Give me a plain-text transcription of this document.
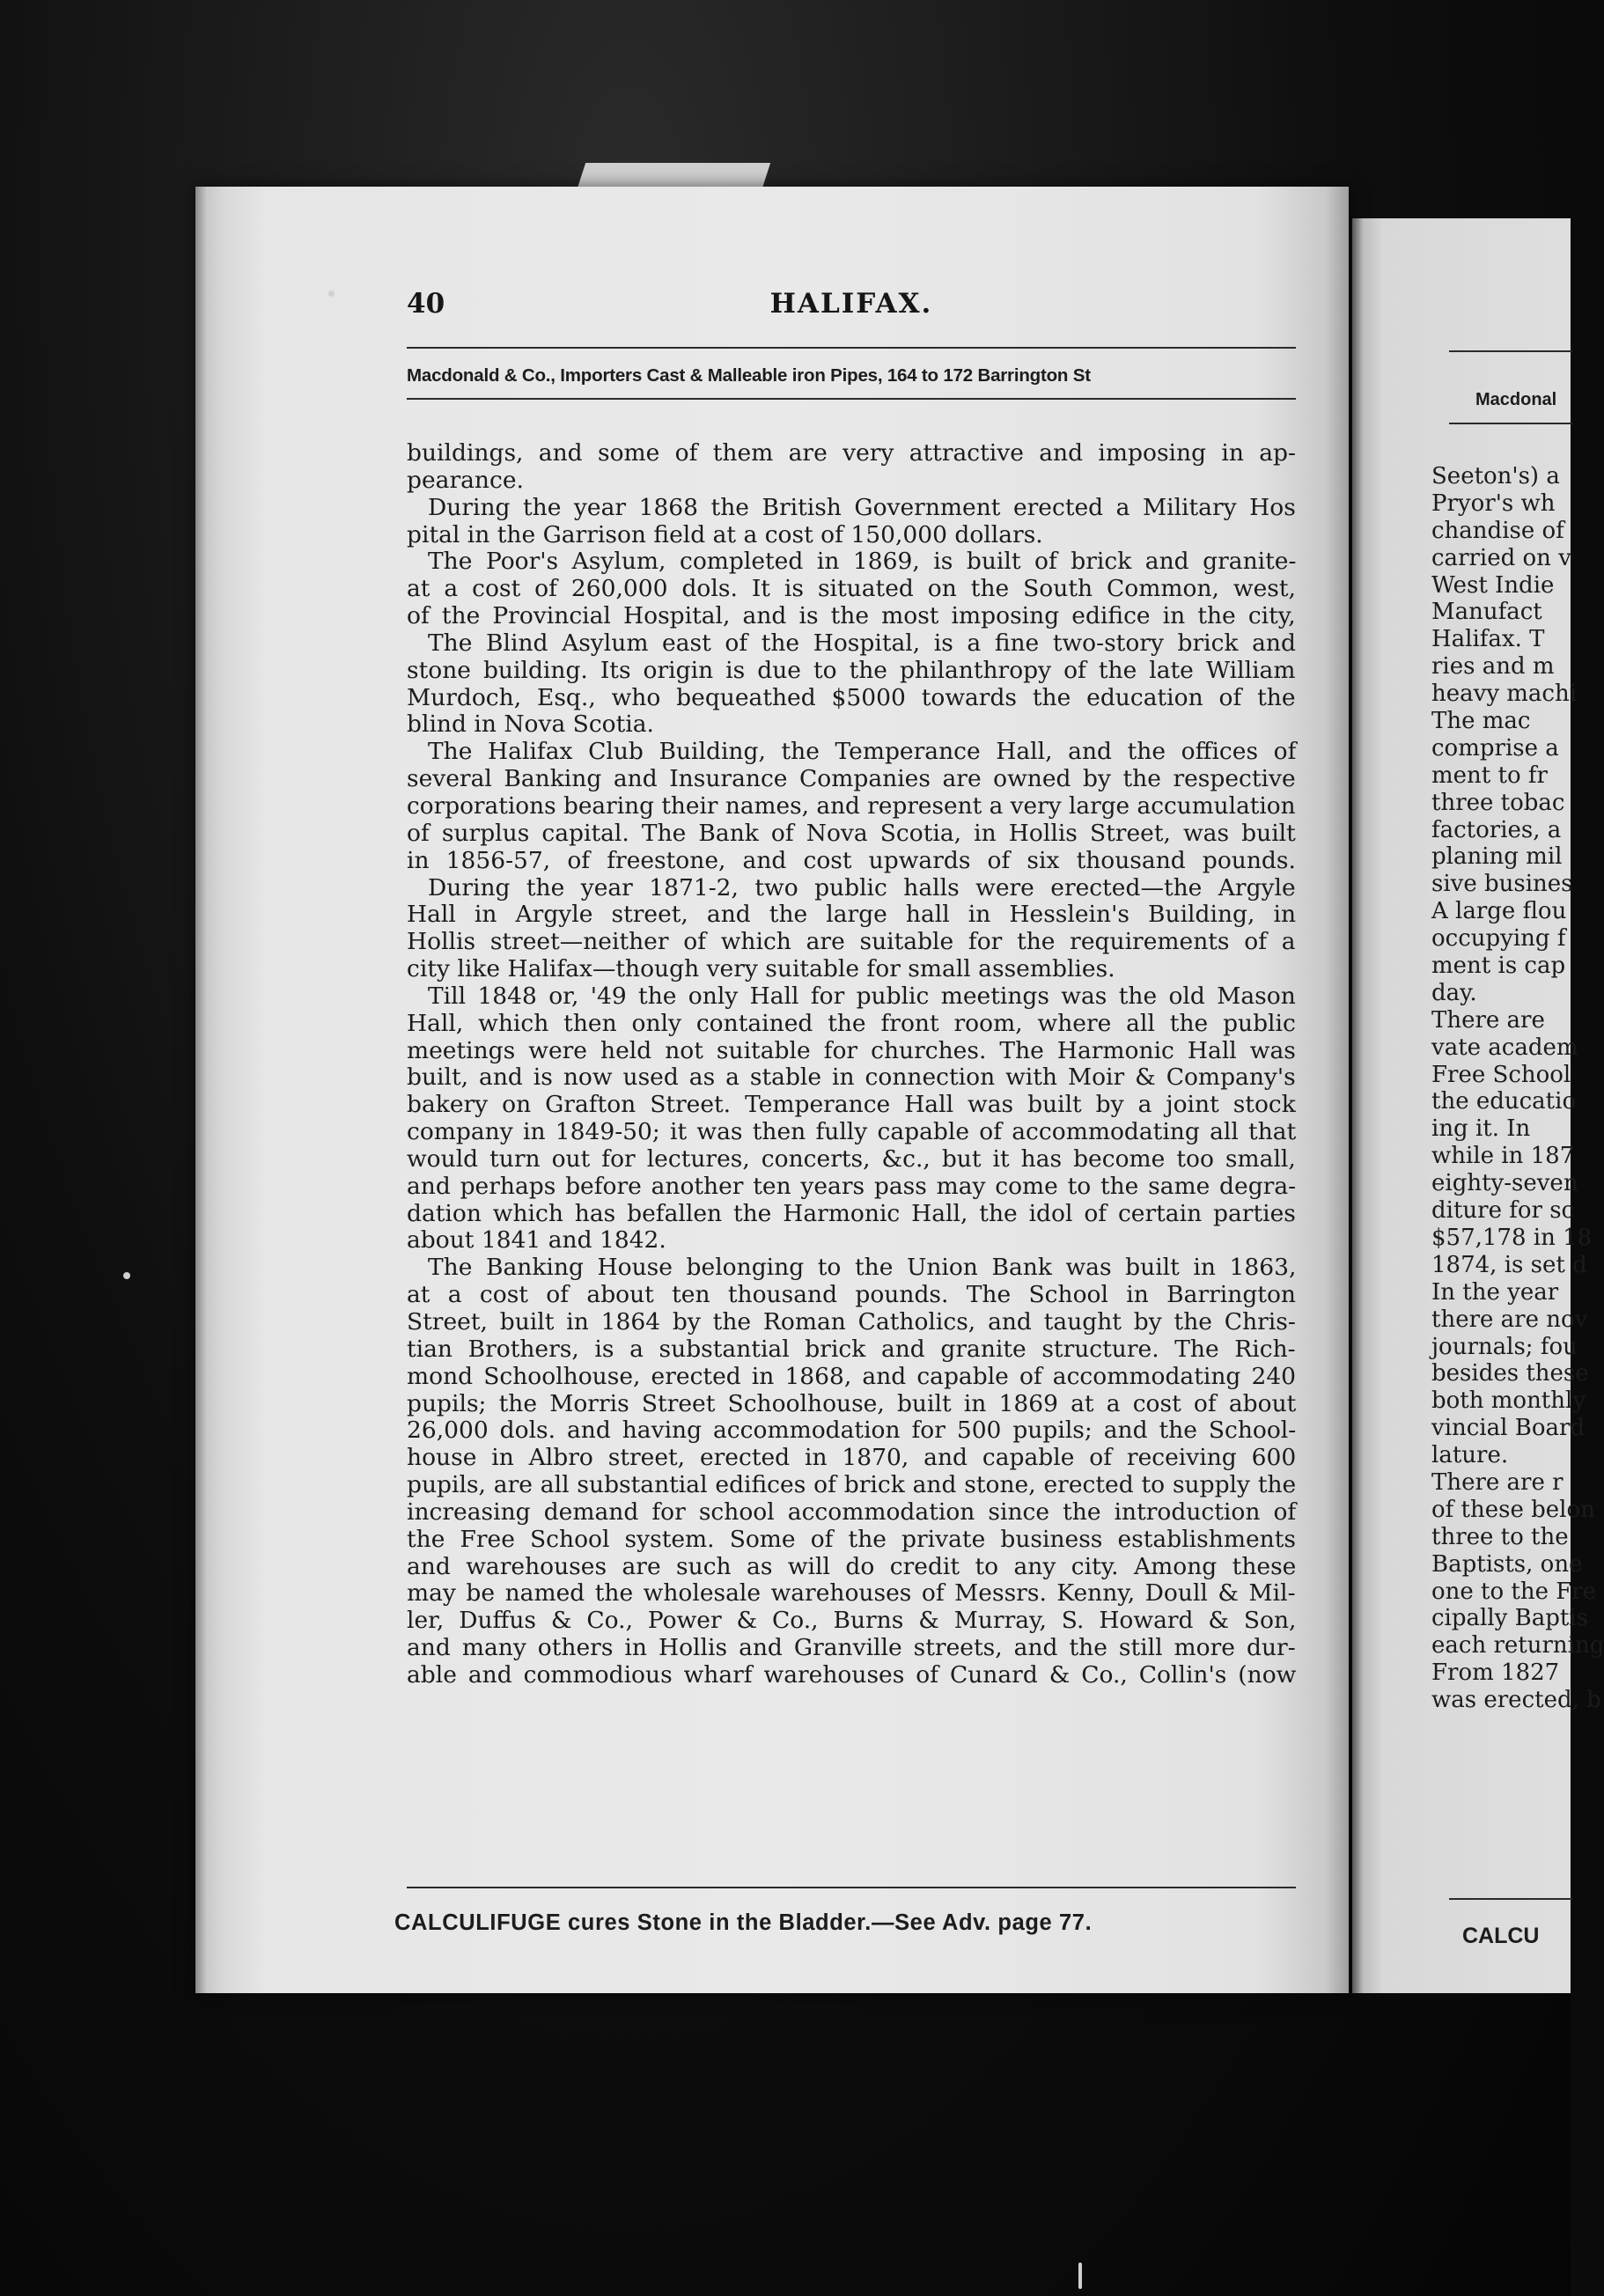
40	HALIFAX.
Macdonald & Co., Importers Cast & Malleable iron Pipes, 164 to 172 Barrington St
buildings, and some of them are very attractive and imposing in ap-
pearance.
During the year 1868 the British Government erected a Military Hos
pital in the Garrison field at a cost of 150,000 dollars.
The Poor's Asylum, completed in 1869, is built of brick and granite-
at a cost of 260,000 dols. It is situated on the South Common, west,
of the Provincial Hospital, and is the most imposing edifice in the city,
The Blind Asylum east of the Hospital, is a fine two-story brick and
stone building. Its origin is due to the philanthropy of the late William
Murdoch, Esq., who bequeathed $5000 towards the education of the
blind in Nova Scotia.
The Halifax Club Building, the Temperance Hall, and the offices of
several Banking and Insurance Companies are owned by the respective
corporations bearing their names, and represent a very large accumulation
of surplus capital. The Bank of Nova Scotia, in Hollis Street, was built
in 1856-57, of freestone, and cost upwards of six thousand pounds.
During the year 1871-2, two public halls were erected—the Argyle
Hall in Argyle street, and the large hall in Hesslein's Building, in
Hollis street—neither of which are suitable for the requirements of a
city like Halifax—though very suitable for small assemblies.
Till 1848 or, '49 the only Hall for public meetings was the old Mason
Hall, which then only contained the front room, where all the public
meetings were held not suitable for churches. The Harmonic Hall was
built, and is now used as a stable in connection with Moir & Company's
bakery on Grafton Street. Temperance Hall was built by a joint stock
company in 1849-50; it was then fully capable of accommodating all that
would turn out for lectures, concerts, &c., but it has become too small,
and perhaps before another ten years pass may come to the same degra-
dation which has befallen the Harmonic Hall, the idol of certain parties
about 1841 and 1842.
The Banking House belonging to the Union Bank was built in 1863,
at a cost of about ten thousand pounds. The School in Barrington
Street, built in 1864 by the Roman Catholics, and taught by the Chris-
tian Brothers, is a substantial brick and granite structure. The Rich-
mond Schoolhouse, erected in 1868, and capable of accommodating 240
pupils; the Morris Street Schoolhouse, built in 1869 at a cost of about
26,000 dols. and having accommodation for 500 pupils; and the School-
house in Albro street, erected in 1870, and capable of receiving 600
pupils, are all substantial edifices of brick and stone, erected to supply the
increasing demand for school accommodation since the introduction of
the Free School system. Some of the private business establishments
and warehouses are such as will do credit to any city. Among these
may be named the wholesale warehouses of Messrs. Kenny, Doull & Mil-
ler, Duffus & Co., Power & Co., Burns & Murray, S. Howard & Son,
and many others in Hollis and Granville streets, and the still more dur-
able and commodious wharf warehouses of Cunard & Co., Collin's (now
CALCULIFUGE cures Stone in the Bladder.—See Adv. page 77.
Macdonal
Seeton's) a
Pryor's wh
chandise of
carried on v
West Indie
Manufact
Halifax. T
ries and m
heavy machi
The mac
comprise a
ment to fr
three tobac
factories, a
planing mil
sive busines
A large flou
occupying f
ment is cap
day.
There are
vate academ
Free School
the educatio
ing it. In
while in 187
eighty-seven
diture for sc
$57,178 in 18
1874, is set d
In the year
there are nov
journals; fou
besides these
both monthly
vincial Board
lature.
There are r
of these belon
three to the
Baptists, one
one to the Fre
cipally Baptis
each returning
From 1827
was erected, b
CALCU
